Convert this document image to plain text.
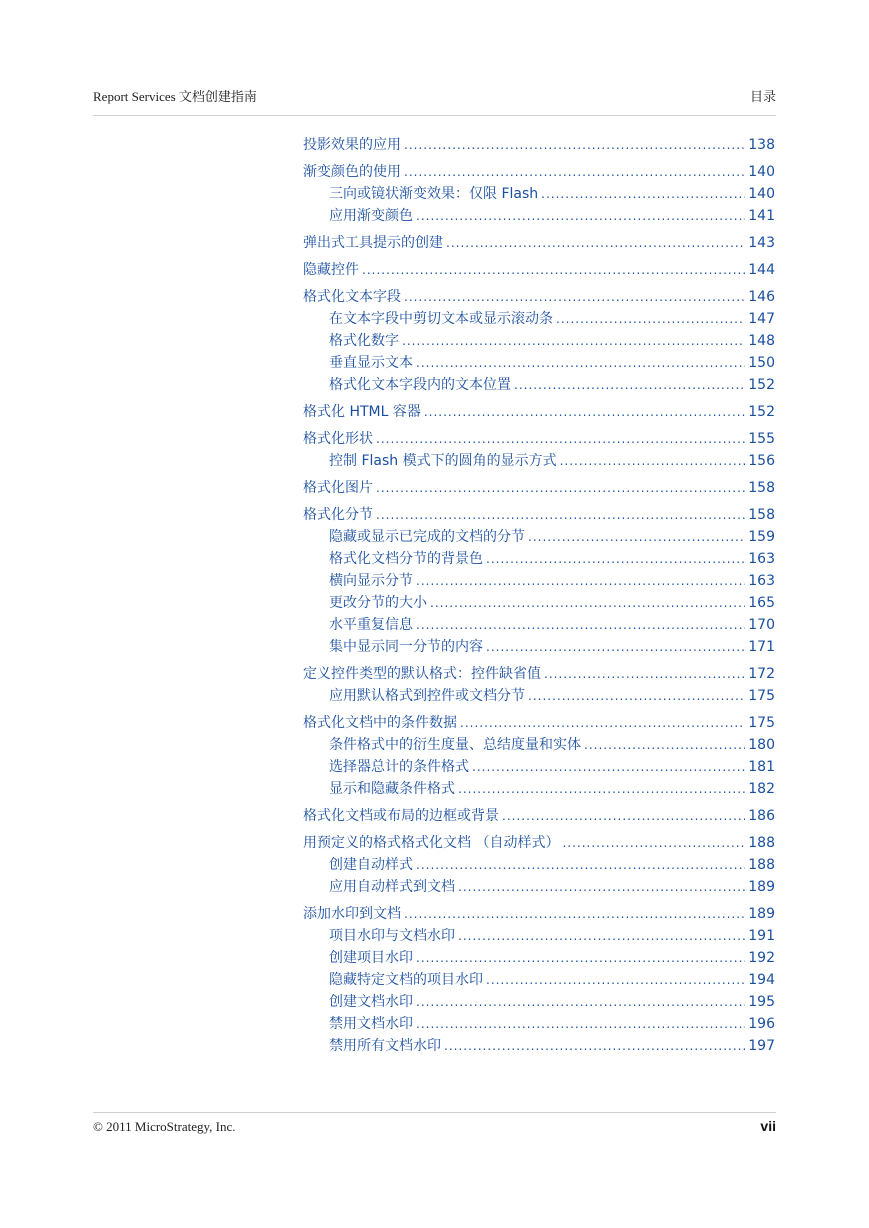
Report Services 文档创建指南	目录
投影效果的应用 .....	138
渐变颜色的使用 .....	140
三向或镜状渐变效果：仅限 Flash .....	140
应用渐变颜色 .....	141
弹出式工具提示的创建 .....	143
隐藏控件 .....	144
格式化文本字段 .....	146
在文本字段中剪切文本或显示滚动条 .....	147
格式化数字 .....	148
垂直显示文本 .....	150
格式化文本字段内的文本位置 .....	152
格式化 HTML 容器 .....	152
格式化形状 .....	155
控制 Flash 模式下的圆角的显示方式 .....	156
格式化图片 .....	158
格式化分节 .....	158
隐藏或显示已完成的文档的分节 .....	159
格式化文档分节的背景色 .....	163
横向显示分节 .....	163
更改分节的大小 .....	165
水平重复信息 .....	170
集中显示同一分节的内容 .....	171
定义控件类型的默认格式：控件缺省值 .....	172
应用默认格式到控件或文档分节 .....	175
格式化文档中的条件数据 .....	175
条件格式中的衍生度量、总结度量和实体 .....	180
选择器总计的条件格式 .....	181
显示和隐藏条件格式 .....	182
格式化文档或布局的边框或背景 .....	186
用预定义的格式格式化文档 （自动样式） .....	188
创建自动样式 .....	188
应用自动样式到文档 .....	189
添加水印到文档 .....	189
项目水印与文档水印 .....	191
创建项目水印 .....	192
隐藏特定文档的项目水印 .....	194
创建文档水印 .....	195
禁用文档水印 .....	196
禁用所有文档水印 .....	197
© 2011 MicroStrategy, Inc.	vii
